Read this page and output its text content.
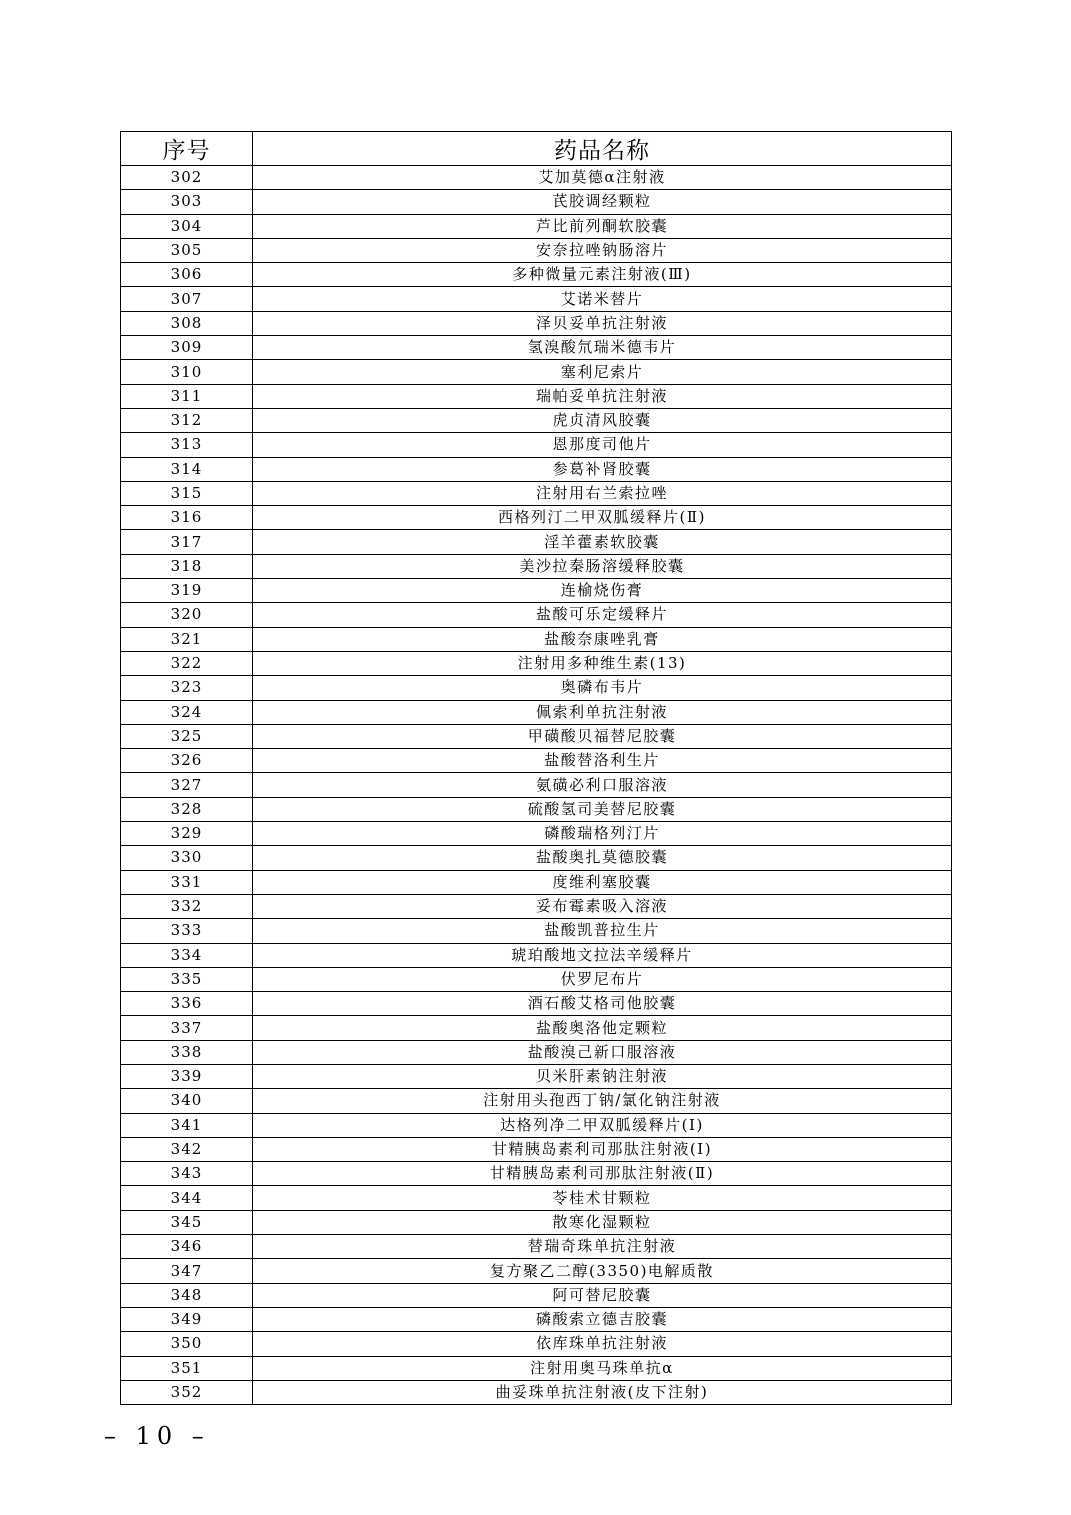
序号	药品名称
302	艾加莫德α注射液
303	芪胶调经颗粒
304	芦比前列酮软胶囊
305	安奈拉唑钠肠溶片
306	多种微量元素注射液(Ⅲ)
307	艾诺米替片
308	泽贝妥单抗注射液
309	氢溴酸氘瑞米德韦片
310	塞利尼索片
311	瑞帕妥单抗注射液
312	虎贞清风胶囊
313	恩那度司他片
314	参葛补肾胶囊
315	注射用右兰索拉唑
316	西格列汀二甲双胍缓释片(Ⅱ)
317	淫羊藿素软胶囊
318	美沙拉秦肠溶缓释胶囊
319	连榆烧伤膏
320	盐酸可乐定缓释片
321	盐酸奈康唑乳膏
322	注射用多种维生素(13)
323	奥磷布韦片
324	佩索利单抗注射液
325	甲磺酸贝福替尼胶囊
326	盐酸替洛利生片
327	氨磺必利口服溶液
328	硫酸氢司美替尼胶囊
329	磷酸瑞格列汀片
330	盐酸奥扎莫德胶囊
331	度维利塞胶囊
332	妥布霉素吸入溶液
333	盐酸凯普拉生片
334	琥珀酸地文拉法辛缓释片
335	伏罗尼布片
336	酒石酸艾格司他胶囊
337	盐酸奥洛他定颗粒
338	盐酸溴己新口服溶液
339	贝米肝素钠注射液
340	注射用头孢西丁钠/氯化钠注射液
341	达格列净二甲双胍缓释片(I)
342	甘精胰岛素利司那肽注射液(Ⅰ)
343	甘精胰岛素利司那肽注射液(Ⅱ)
344	苓桂术甘颗粒
345	散寒化湿颗粒
346	替瑞奇珠单抗注射液
347	复方聚乙二醇(3350)电解质散
348	阿可替尼胶囊
349	磷酸索立德吉胶囊
350	依库珠单抗注射液
351	注射用奥马珠单抗α
352	曲妥珠单抗注射液(皮下注射)
– 10 –
